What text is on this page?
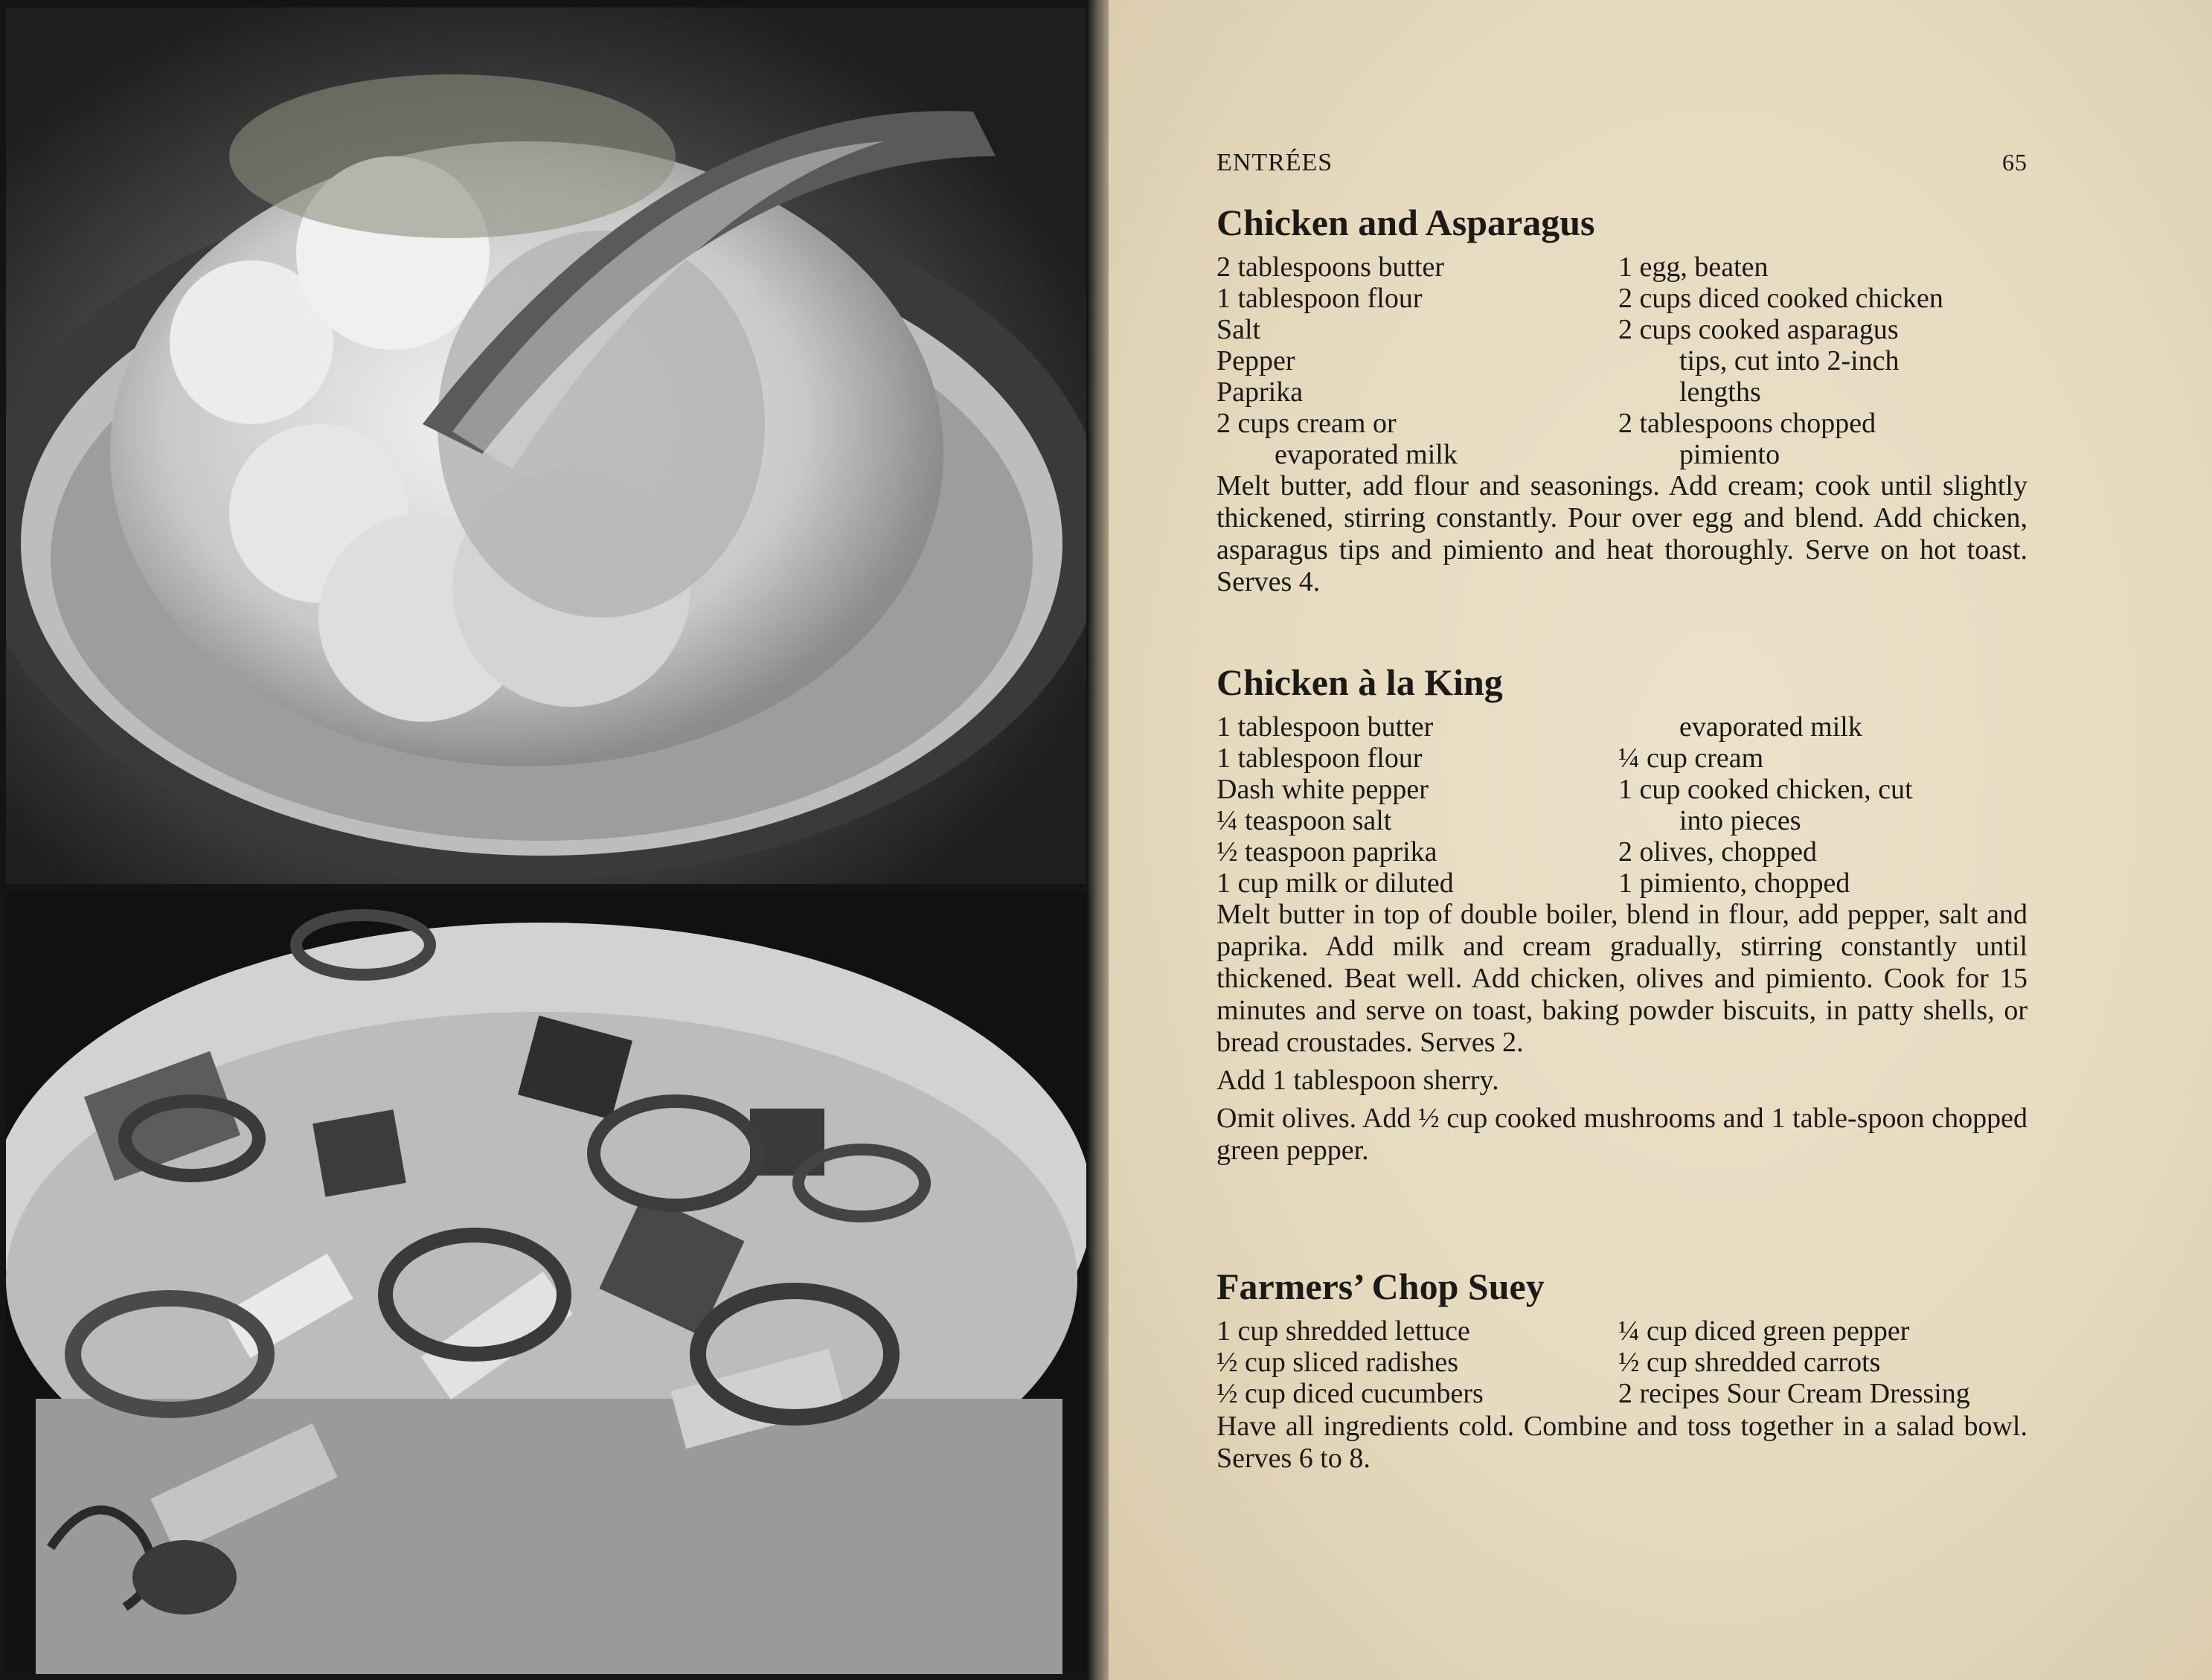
ENTRÉES	65
Chicken and Asparagus
2 tablespoons butter
1 tablespoon flour
Salt
Pepper
Paprika
2 cups cream or
evaporated milk
1 egg, beaten
2 cups diced cooked chicken
2 cups cooked asparagus
tips, cut into 2-inch
lengths
2 tablespoons chopped
pimiento

Melt butter, add flour and seasonings. Add cream; cook until slightly thickened, stirring constantly. Pour over egg and blend. Add chicken, asparagus tips and pimiento and heat thoroughly. Serve on hot toast. Serves 4.

Chicken à la King
1 tablespoon butter
1 tablespoon flour
Dash white pepper
¼ teaspoon salt
½ teaspoon paprika
1 cup milk or diluted
evaporated milk
¼ cup cream
1 cup cooked chicken, cut
into pieces
2 olives, chopped
1 pimiento, chopped

Melt butter in top of double boiler, blend in flour, add pepper, salt and paprika. Add milk and cream gradually, stirring constantly until thickened. Beat well. Add chicken, olives and pimiento. Cook for 15 minutes and serve on toast, baking powder biscuits, in patty shells, or bread croustades. Serves 2.

Add 1 tablespoon sherry.

Omit olives. Add ½ cup cooked mushrooms and 1 table-spoon chopped green pepper.

Farmers’ Chop Suey
1 cup shredded lettuce
½ cup sliced radishes
½ cup diced cucumbers
¼ cup diced green pepper
½ cup shredded carrots
2 recipes Sour Cream Dressing

Have all ingredients cold. Combine and toss together in a salad bowl. Serves 6 to 8.
